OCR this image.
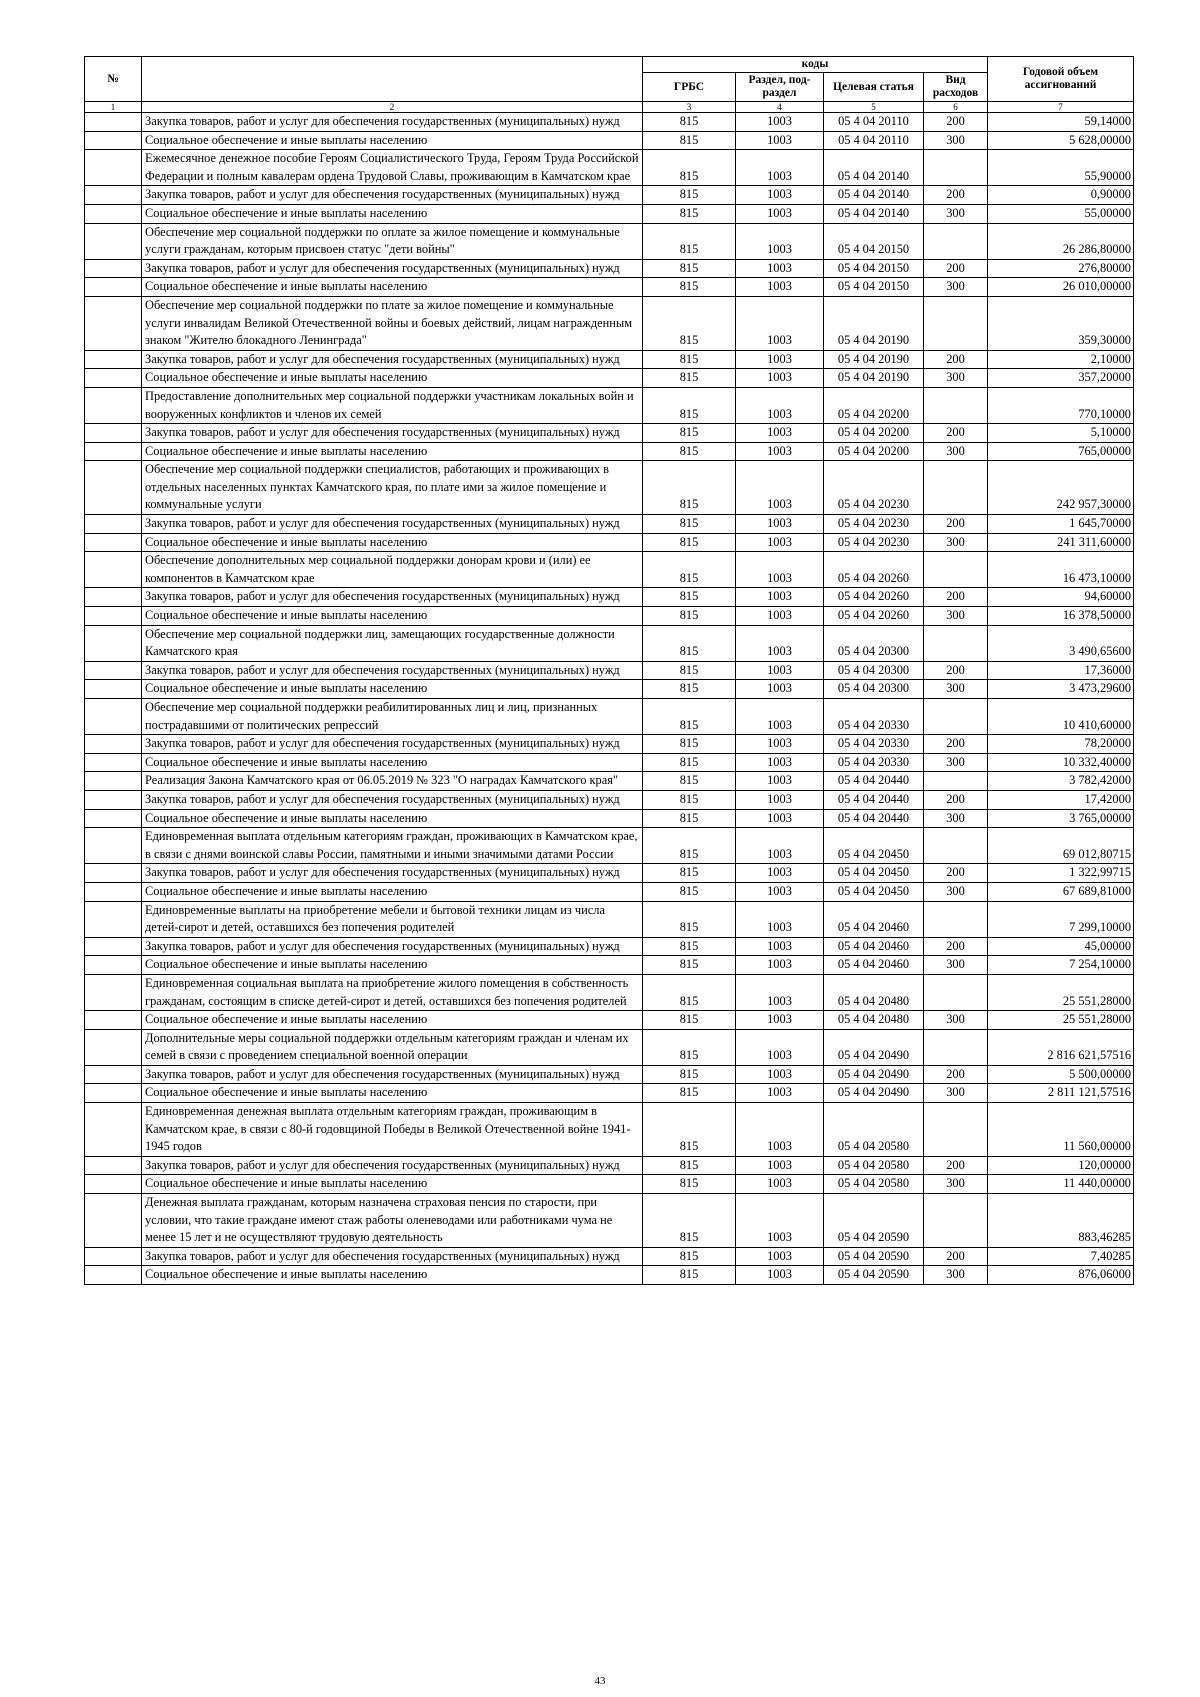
№		коды				Годовой объем ассигнований
		ГРБС	Раздел, под-раздел	Целевая статья	Вид расходов	
1	2	3	4	5	6	7
	Закупка товаров, работ и услуг для обеспечения государственных (муниципальных) нужд	815	1003	05 4 04 20110	200	59,14000
	Социальное обеспечение и иные выплаты населению	815	1003	05 4 04 20110	300	5 628,00000
	Ежемесячное денежное пособие Героям Социалистического Труда, Героям Труда Российской Федерации и полным кавалерам ордена Трудовой Славы, проживающим в Камчатском крае	815	1003	05 4 04 20140		55,90000
	Закупка товаров, работ и услуг для обеспечения государственных (муниципальных) нужд	815	1003	05 4 04 20140	200	0,90000
	Социальное обеспечение и иные выплаты населению	815	1003	05 4 04 20140	300	55,00000
	Обеспечение мер социальной поддержки по оплате за жилое помещение и коммунальные услуги гражданам, которым присвоен статус "дети войны"	815	1003	05 4 04 20150		26 286,80000
	Закупка товаров, работ и услуг для обеспечения государственных (муниципальных) нужд	815	1003	05 4 04 20150	200	276,80000
	Социальное обеспечение и иные выплаты населению	815	1003	05 4 04 20150	300	26 010,00000
	Обеспечение мер социальной поддержки по плате за жилое помещение и коммунальные услуги инвалидам Великой Отечественной войны и боевых действий, лицам награжденным знаком "Жителю блокадного Ленинграда"	815	1003	05 4 04 20190		359,30000
	Закупка товаров, работ и услуг для обеспечения государственных (муниципальных) нужд	815	1003	05 4 04 20190	200	2,10000
	Социальное обеспечение и иные выплаты населению	815	1003	05 4 04 20190	300	357,20000
	Предоставление дополнительных мер социальной поддержки участникам локальных войн и вооруженных конфликтов и членов их семей	815	1003	05 4 04 20200		770,10000
	Закупка товаров, работ и услуг для обеспечения государственных (муниципальных) нужд	815	1003	05 4 04 20200	200	5,10000
	Социальное обеспечение и иные выплаты населению	815	1003	05 4 04 20200	300	765,00000
	Обеспечение мер социальной поддержки специалистов, работающих и проживающих в отдельных населенных пунктах Камчатского края, по плате ими за жилое помещение и коммунальные услуги	815	1003	05 4 04 20230		242 957,30000
	Закупка товаров, работ и услуг для обеспечения государственных (муниципальных) нужд	815	1003	05 4 04 20230	200	1 645,70000
	Социальное обеспечение и иные выплаты населению	815	1003	05 4 04 20230	300	241 311,60000
	Обеспечение дополнительных мер социальной поддержки донорам крови и (или) ее компонентов в Камчатском крае	815	1003	05 4 04 20260		16 473,10000
	Закупка товаров, работ и услуг для обеспечения государственных (муниципальных) нужд	815	1003	05 4 04 20260	200	94,60000
	Социальное обеспечение и иные выплаты населению	815	1003	05 4 04 20260	300	16 378,50000
	Обеспечение мер социальной поддержки лиц, замещающих государственные должности Камчатского края	815	1003	05 4 04 20300		3 490,65600
	Закупка товаров, работ и услуг для обеспечения государственных (муниципальных) нужд	815	1003	05 4 04 20300	200	17,36000
	Социальное обеспечение и иные выплаты населению	815	1003	05 4 04 20300	300	3 473,29600
	Обеспечение мер социальной поддержки реабилитированных лиц и лиц, признанных пострадавшими от политических репрессий	815	1003	05 4 04 20330		10 410,60000
	Закупка товаров, работ и услуг для обеспечения государственных (муниципальных) нужд	815	1003	05 4 04 20330	200	78,20000
	Социальное обеспечение и иные выплаты населению	815	1003	05 4 04 20330	300	10 332,40000
	Реализация Закона Камчатского края от 06.05.2019 № 323 "О наградах Камчатского края"	815	1003	05 4 04 20440		3 782,42000
	Закупка товаров, работ и услуг для обеспечения государственных (муниципальных) нужд	815	1003	05 4 04 20440	200	17,42000
	Социальное обеспечение и иные выплаты населению	815	1003	05 4 04 20440	300	3 765,00000
	Единовременная выплата отдельным категориям граждан, проживающих в Камчатском крае, в связи с днями воинской славы России, памятными и иными значимыми датами России	815	1003	05 4 04 20450		69 012,80715
	Закупка товаров, работ и услуг для обеспечения государственных (муниципальных) нужд	815	1003	05 4 04 20450	200	1 322,99715
	Социальное обеспечение и иные выплаты населению	815	1003	05 4 04 20450	300	67 689,81000
	Единовременные выплаты на приобретение мебели и бытовой техники лицам из числа детей-сирот и детей, оставшихся без попечения родителей	815	1003	05 4 04 20460		7 299,10000
	Закупка товаров, работ и услуг для обеспечения государственных (муниципальных) нужд	815	1003	05 4 04 20460	200	45,00000
	Социальное обеспечение и иные выплаты населению	815	1003	05 4 04 20460	300	7 254,10000
	Единовременная социальная выплата на приобретение жилого помещения в собственность гражданам, состоящим в списке детей-сирот и детей, оставшихся без попечения родителей	815	1003	05 4 04 20480		25 551,28000
	Социальное обеспечение и иные выплаты населению	815	1003	05 4 04 20480	300	25 551,28000
	Дополнительные меры социальной поддержки отдельным категориям граждан и членам их семей в связи с проведением специальной военной операции	815	1003	05 4 04 20490		2 816 621,57516
	Закупка товаров, работ и услуг для обеспечения государственных (муниципальных) нужд	815	1003	05 4 04 20490	200	5 500,00000
	Социальное обеспечение и иные выплаты населению	815	1003	05 4 04 20490	300	2 811 121,57516
	Единовременная денежная выплата отдельным категориям граждан, проживающим в Камчатском крае, в связи с 80-й годовщиной Победы в Великой Отечественной войне 1941-1945 годов	815	1003	05 4 04 20580		11 560,00000
	Закупка товаров, работ и услуг для обеспечения государственных (муниципальных) нужд	815	1003	05 4 04 20580	200	120,00000
	Социальное обеспечение и иные выплаты населению	815	1003	05 4 04 20580	300	11 440,00000
	Денежная выплата гражданам, которым назначена страховая пенсия по старости, при условии, что такие граждане имеют стаж работы оленеводами или работниками чума не менее 15 лет и не осуществляют трудовую деятельность	815	1003	05 4 04 20590		883,46285
	Закупка товаров, работ и услуг для обеспечения государственных (муниципальных) нужд	815	1003	05 4 04 20590	200	7,40285
	Социальное обеспечение и иные выплаты населению	815	1003	05 4 04 20590	300	876,06000
43
